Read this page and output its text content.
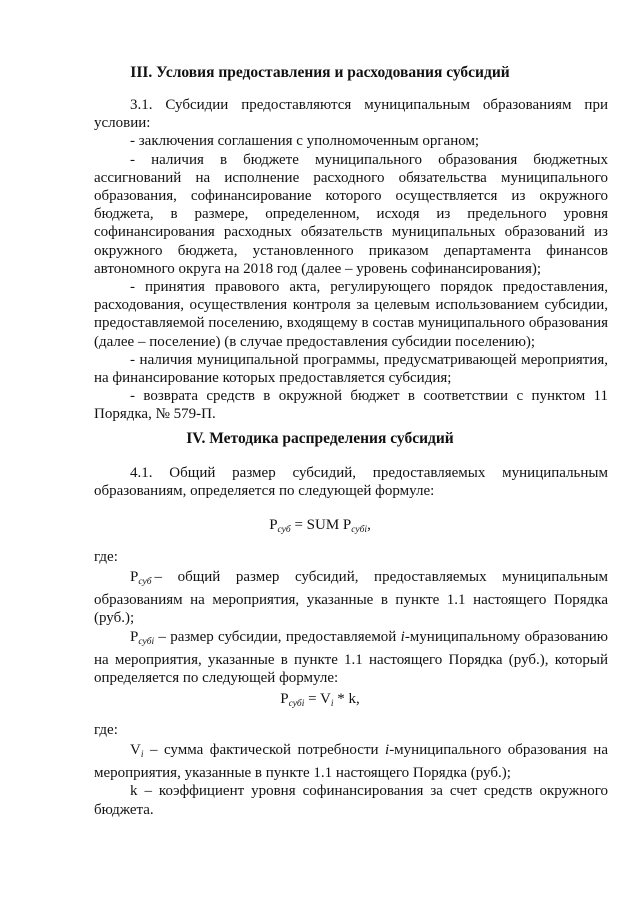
III. Условия предоставления и расходования субсидий

3.1. Субсидии предоставляются муниципальным образованиям при условии:

- заключения соглашения с уполномоченным органом;

- наличия в бюджете муниципального образования бюджетных ассигнований на исполнение расходного обязательства муниципального образования, софинансирование которого осуществляется из окружного бюджета, в размере, определенном, исходя из предельного уровня софинансирования расходных обязательств муниципальных образований из окружного бюджета, установленного приказом департамента финансов автономного округа на 2018 год (далее – уровень софинансирования);

- принятия правового акта, регулирующего порядок предоставления, расходования, осуществления контроля за целевым использованием субсидии, предоставляемой поселению, входящему в состав муниципального образования (далее – поселение) (в случае предоставления субсидии поселению);

- наличия муниципальной программы, предусматривающей мероприятия, на финансирование которых предоставляется субсидия;

- возврата средств в окружной бюджет в соответствии с пунктом 11 Порядка, № 579-П.

IV. Методика распределения субсидий

4.1. Общий размер субсидий, предоставляемых муниципальным образованиям, определяется по следующей формуле:

$P_{суб}$ = SUM $P_{субi}$,
где:

$P_{суб}$ – общий размер субсидий, предоставляемых муниципальным образованиям на мероприятия, указанные в пункте 1.1 настоящего Порядка (руб.);

$P_{субi}$ – размер субсидии, предоставляемой i-муниципальному образованию на мероприятия, указанные в пункте 1.1 настоящего Порядка (руб.), который определяется по следующей формуле:

$P_{субi} = V_i * k$,
где:

$V_i$ – сумма фактической потребности i-муниципального образования на мероприятия, указанные в пункте 1.1 настоящего Порядка (руб.);

k – коэффициент уровня софинансирования за счет средств окружного бюджета.
